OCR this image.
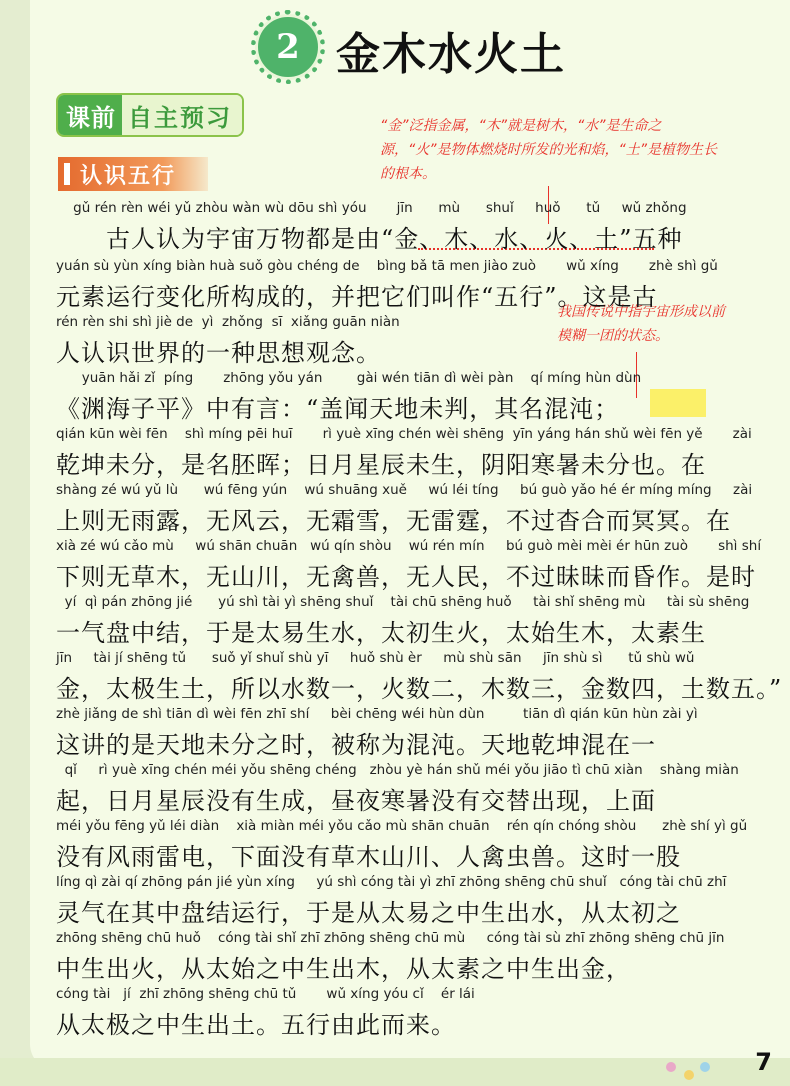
2 金木水火土
课前 自主预习
认识五行
“金”泛指金属，“木”就是树木，“水”是生命之源，“火”是物体燃烧时所发的光和焰，“土”是植物生长的根本。
我国传说中指宇宙形成以前模糊一团的状态。
gǔ rén rèn wéi yǔ zhòu wàn wù dōu shì yóu       jīn      mù      shuǐ     huǒ      tǔ     wǔ zhǒng
　　古人认为宇宙万物都是由“金、木、水、火、土”五种
yuán sù yùn xíng biàn huà suǒ gòu chéng de    bìng bǎ tā men jiào zuò       wǔ xíng       zhè shì gǔ
元素运行变化所构成的，并把它们叫作“五行”。这是古
rén rèn shi shì jiè de  yì  zhǒng  sī  xiǎng guān niàn
人认识世界的一种思想观念。
yuān hǎi zǐ  píng       zhōng yǒu yán        gài wén tiān dì wèi pàn    qí míng hùn dùn
《渊海子平》中有言：“盖闻天地未判，其名混沌；
qián kūn wèi fēn    shì míng pēi huī       rì yuè xīng chén wèi shēng  yīn yáng hán shǔ wèi fēn yě       zài
乾坤未分，是名胚晖；日月星辰未生，阴阳寒暑未分也。在
shàng zé wú yǔ lù      wú fēng yún    wú shuāng xuě     wú léi tíng     bú guò yǎo hé ér míng míng     zài
上则无雨露，无风云，无霜雪，无雷霆，不过杳合而冥冥。在
xià zé wú cǎo mù     wú shān chuān   wú qín shòu    wú rén mín     bú guò mèi mèi ér hūn zuò       shì shí
下则无草木，无山川，无禽兽，无人民，不过昧昧而昏作。是时
yí  qì pán zhōng jié      yú shì tài yì shēng shuǐ    tài chū shēng huǒ     tài shǐ shēng mù     tài sù shēng
一气盘中结，于是太易生水，太初生火，太始生木，太素生
jīn     tài jí shēng tǔ      suǒ yǐ shuǐ shù yī     huǒ shù èr     mù shù sān     jīn shù sì      tǔ shù wǔ
金，太极生土，所以水数一，火数二，木数三，金数四，土数五。”
zhè jiǎng de shì tiān dì wèi fēn zhī shí     bèi chēng wéi hùn dùn         tiān dì qián kūn hùn zài yì
这讲的是天地未分之时，被称为混沌。天地乾坤混在一
qǐ     rì yuè xīng chén méi yǒu shēng chéng   zhòu yè hán shǔ méi yǒu jiāo tì chū xiàn    shàng miàn
起，日月星辰没有生成，昼夜寒暑没有交替出现，上面
méi yǒu fēng yǔ léi diàn    xià miàn méi yǒu cǎo mù shān chuān    rén qín chóng shòu      zhè shí yì gǔ
没有风雨雷电，下面没有草木山川、人禽虫兽。这时一股
líng qì zài qí zhōng pán jié yùn xíng     yú shì cóng tài yì zhī zhōng shēng chū shuǐ   cóng tài chū zhī
灵气在其中盘结运行，于是从太易之中生出水，从太初之
zhōng shēng chū huǒ    cóng tài shǐ zhī zhōng shēng chū mù     cóng tài sù zhī zhōng shēng chū jīn
中生出火，从太始之中生出木，从太素之中生出金，
cóng tài   jí  zhī zhōng shēng chū tǔ       wǔ xíng yóu cǐ    ér lái
从太极之中生出土。五行由此而来。
7
